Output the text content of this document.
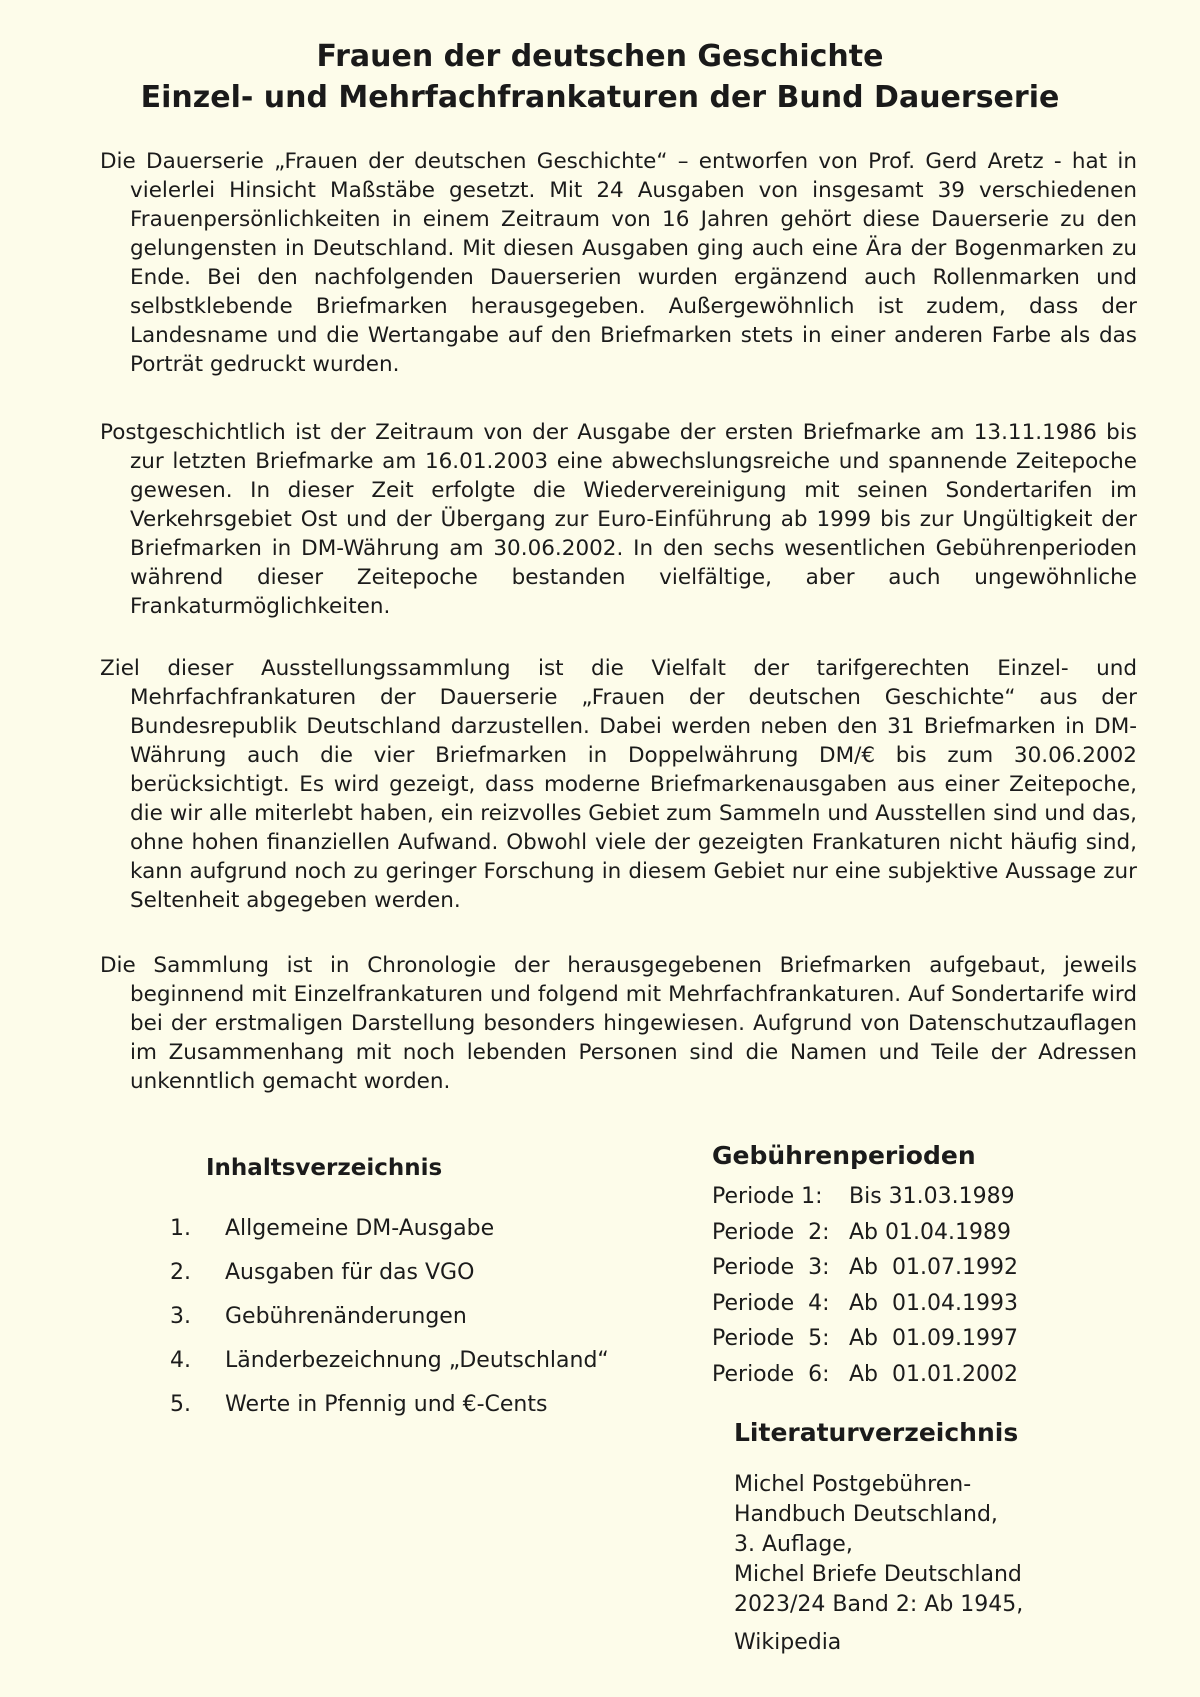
Frauen der deutschen Geschichte
Einzel- und Mehrfachfrankaturen der Bund Dauerserie

Die Dauerserie „Frauen der deutschen Geschichte“ – entworfen von Prof. Gerd Aretz - hat in vielerlei Hinsicht Maßstäbe gesetzt. Mit 24 Ausgaben von insgesamt 39 verschiedenen Frauenpersönlichkeiten in einem Zeitraum von 16 Jahren gehört diese Dauerserie zu den gelungensten in Deutschland. Mit diesen Ausgaben ging auch eine Ära der Bogenmarken zu Ende. Bei den nachfolgenden Dauerserien wurden ergänzend auch Rollenmarken und selbstklebende Briefmarken herausgegeben. Außergewöhnlich ist zudem, dass der Landesname und die Wertangabe auf den Briefmarken stets in einer anderen Farbe als das Porträt gedruckt wurden.

Postgeschichtlich ist der Zeitraum von der Ausgabe der ersten Briefmarke am 13.11.1986 bis zur letzten Briefmarke am 16.01.2003 eine abwechslungsreiche und spannende Zeitepoche gewesen. In dieser Zeit erfolgte die Wiedervereinigung mit seinen Sondertarifen im Verkehrsgebiet Ost und der Übergang zur Euro-Einführung ab 1999 bis zur Ungültigkeit der Briefmarken in DM-Währung am 30.06.2002. In den sechs wesentlichen Gebührenperioden während dieser Zeitepoche bestanden vielfältige, aber auch ungewöhnliche Frankaturmöglichkeiten.

Ziel dieser Ausstellungssammlung ist die Vielfalt der tarifgerechten Einzel- und Mehrfachfrankaturen der Dauerserie „Frauen der deutschen Geschichte“ aus der Bundesrepublik Deutschland darzustellen. Dabei werden neben den 31 Briefmarken in DM-Währung auch die vier Briefmarken in Doppelwährung DM/€ bis zum 30.06.2002 berücksichtigt. Es wird gezeigt, dass moderne Briefmarkenausgaben aus einer Zeitepoche, die wir alle miterlebt haben, ein reizvolles Gebiet zum Sammeln und Ausstellen sind und das, ohne hohen finanziellen Aufwand. Obwohl viele der gezeigten Frankaturen nicht häufig sind, kann aufgrund noch zu geringer Forschung in diesem Gebiet nur eine subjektive Aussage zur Seltenheit abgegeben werden.

Die Sammlung ist in Chronologie der herausgegebenen Briefmarken aufgebaut, jeweils beginnend mit Einzelfrankaturen und folgend mit Mehrfachfrankaturen. Auf Sondertarife wird bei der erstmaligen Darstellung besonders hingewiesen. Aufgrund von Datenschutzauflagen im Zusammenhang mit noch lebenden Personen sind die Namen und Teile der Adressen unkenntlich gemacht worden.

Inhaltsverzeichnis
1.	Allgemeine DM-Ausgabe
2.	Ausgaben für das VGO
3.	Gebührenänderungen
4.	Länderbezeichnung „Deutschland“
5.	Werte in Pfennig und €-Cents
Gebührenperioden
Periode 1:	Bis 31.03.1989
Periode  2: Ab 01.04.1989
Periode  3: Ab  01.07.1992
Periode  4: Ab  01.04.1993
Periode  5: Ab  01.09.1997
Periode  6: Ab  01.01.2002
Literaturverzeichnis

Michel Postgebühren-
Handbuch Deutschland,
3. Auflage,
Michel Briefe Deutschland
2023/24 Band 2: Ab 1945,

Wikipedia
